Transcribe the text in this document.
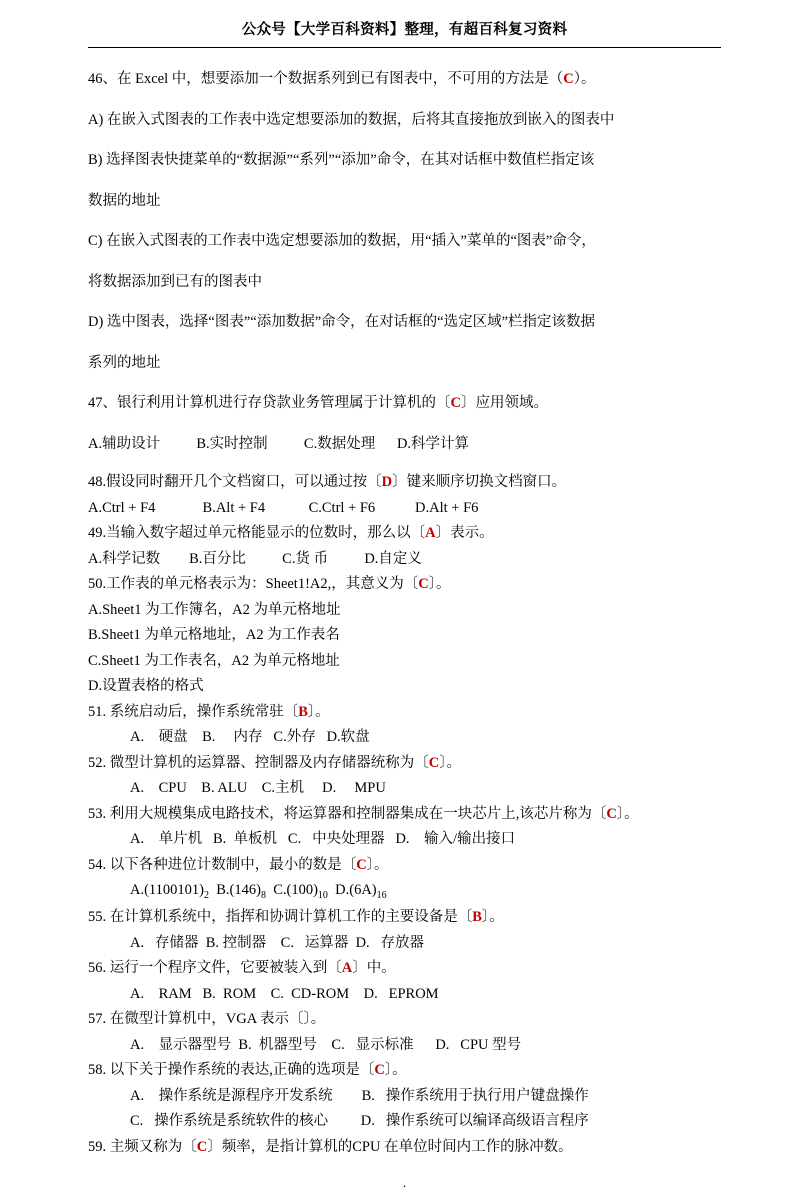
公众号【大学百科资料】整理，有超百科复习资料
46、在 Excel 中，想要添加一个数据系列到已有图表中，不可用的方法是（C）。
A) 在嵌入式图表的工作表中选定想要添加的数据，后将其直接拖放到嵌入的图表中
B) 选择图表快捷菜单的“数据源”“系列”“添加”命令，在其对话框中数值栏指定该
数据的地址
C) 在嵌入式图表的工作表中选定想要添加的数据，用“插入”菜单的“图表”命令，
将数据添加到已有的图表中
D) 选中图表，选择“图表”“添加数据”命令，在对话框的“选定区域”栏指定该数据
系列的地址
47、银行利用计算机进行存贷款业务管理属于计算机的〔C〕应用领域。
A.辅助设计          B.实时控制          C.数据处理      D.科学计算
48.假设同时翻开几个文档窗口，可以通过按〔D〕键来顺序切换文档窗口。
A.Ctrl + F4             B.Alt + F4            C.Ctrl + F6           D.Alt + F6
49.当输入数字超过单元格能显示的位数时，那么以〔A〕表示。
A.科学记数        B.百分比          C.货 币          D.自定义
50.工作表的单元格表示为：Sheet1!A2,，其意义为〔C〕。
A.Sheet1 为工作簿名，A2 为单元格地址
B.Sheet1 为单元格地址，A2 为工作表名
C.Sheet1 为工作表名，A2 为单元格地址
D.设置表格的格式
51. 系统启动后，操作系统常驻〔B〕。
A.    硬盘    B.     内存   C.外存   D.软盘
52. 微型计算机的运算器、控制器及内存储器统称为〔C〕。
A.    CPU    B. ALU    C.主机     D.     MPU
53. 利用大规模集成电路技术，将运算器和控制器集成在一块芯片上,该芯片称为〔C〕。
A.    单片机   B.  单板机   C.   中央处理器   D.    输入/输出接口
54. 以下各种进位计数制中，最小的数是〔C〕。
$A.(1100101)_2$  $B.(146)_8$  $C.(100)_{10}$  $D.(6A)_{16}$
55. 在计算机系统中，指挥和协调计算机工作的主要设备是〔B〕。
A.   存储器  B. 控制器    C.   运算器  D.   存放器
56. 运行一个程序文件，它要被装入到〔A〕中。
A.    RAM   B.  ROM    C.  CD-ROM    D.   EPROM
57. 在微型计算机中，VGA 表示〔〕。
A.    显示器型号  B.  机器型号    C.   显示标准      D.   CPU 型号
58. 以下关于操作系统的表达,正确的选项是〔C〕。
A.    操作系统是源程序开发系统        B.   操作系统用于执行用户键盘操作
C.   操作系统是系统软件的核心         D.   操作系统可以编译高级语言程序
59. 主频又称为〔C〕频率，是指计算机的CPU 在单位时间内工作的脉冲数。
.
